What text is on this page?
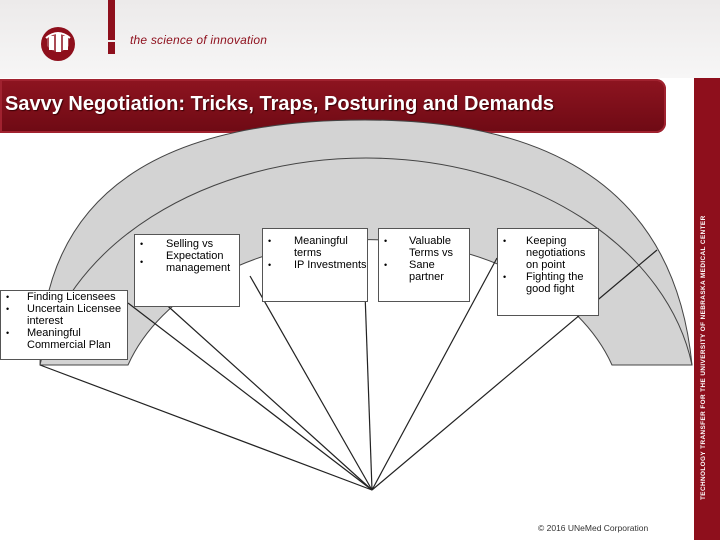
the science of innovation
Savvy Negotiation: Tricks, Traps, Posturing and Demands
TECHNOLOGY TRANSFER FOR THE UNIVERSITY OF NEBRASKA MEDICAL CENTER
• Finding Licensees
• Uncertain Licensee interest
• Meaningful Commercial Plan
• Selling vs Expectation management
•
• Meaningful terms
• IP Investments
• Valuable Terms vs
• Sane partner
• Keeping negotiations on point
• Fighting the good fight
© 2016 UNeMed Corporation
